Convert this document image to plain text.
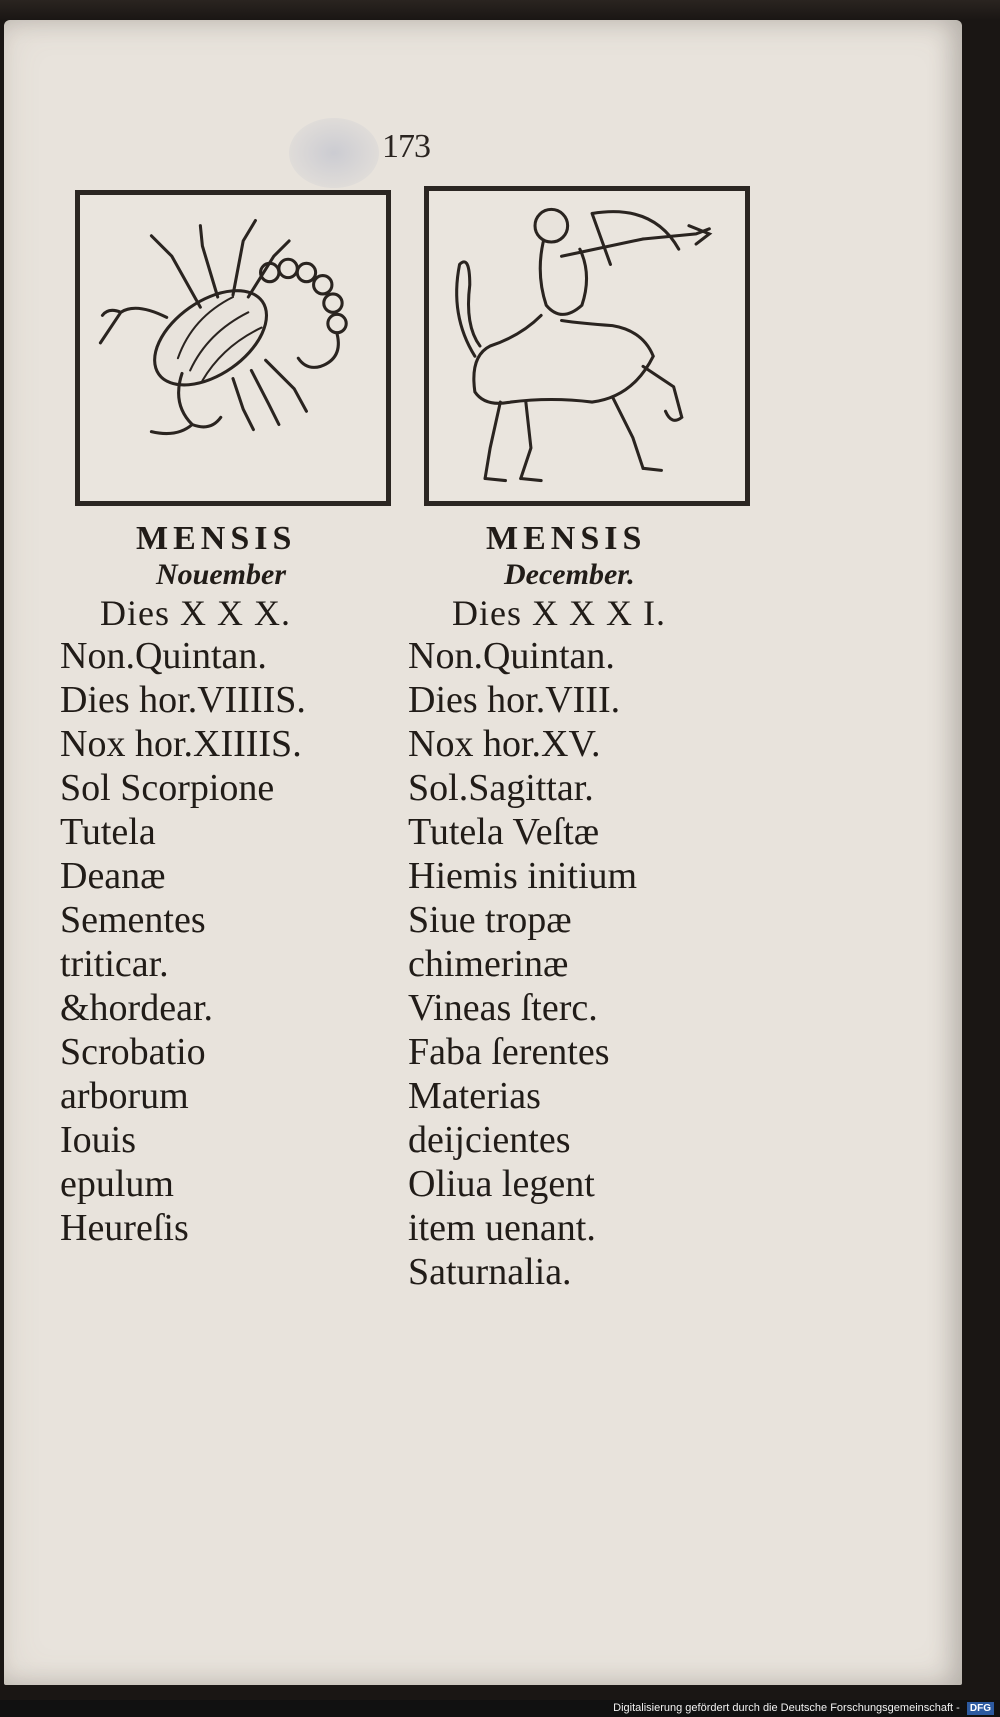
173
MENSIS
Nouember
Dies X X X.
Non.Quintan.
Dies hor.VIIIIS.
Nox hor.XIIIIS.
Sol Scorpione
Tutela
Deanæ
Sementes
triticar.
&hordear.
Scrobatio
arborum
Iouis
epulum
Heureſis
MENSIS
December.
Dies X X X I.
Non.Quintan.
Dies hor.VIII.
Nox hor.XV.
Sol.Sagittar.
Tutela Veſtæ
Hiemis initium
Siue tropæ
chimerinæ
Vineas ſterc.
Faba ſerentes
Materias
deijcientes
Oliua legent
item uenant.
Saturnalia.
Digitalisierung gefördert durch die Deutsche Forschungsgemeinschaft - DFG
